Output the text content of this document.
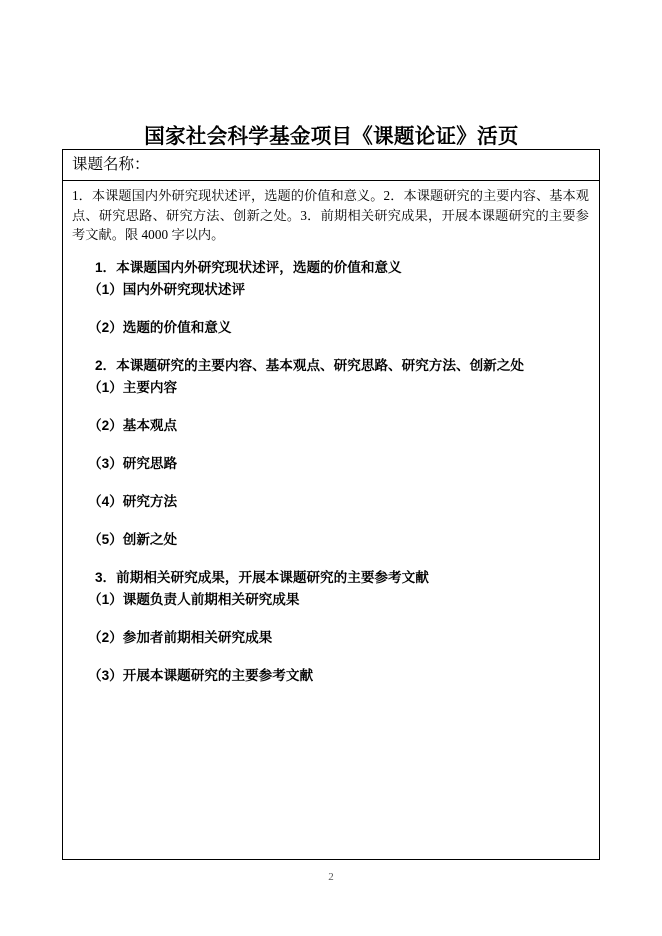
国家社会科学基金项目《课题论证》活页
课题名称：

1．本课题国内外研究现状述评，选题的价值和意义。2．本课题研究的主要内容、基本观点、研究思路、研究方法、创新之处。3．前期相关研究成果，开展本课题研究的主要参考文献。限 4000 字以内。

1．本课题国内外研究现状述评，选题的价值和意义
（1）国内外研究现状述评
（2）选题的价值和意义
2．本课题研究的主要内容、基本观点、研究思路、研究方法、创新之处
（1）主要内容
（2）基本观点
（3）研究思路
（4）研究方法
（5）创新之处
3．前期相关研究成果，开展本课题研究的主要参考文献
（1）课题负责人前期相关研究成果
（2）参加者前期相关研究成果
（3）开展本课题研究的主要参考文献
2
